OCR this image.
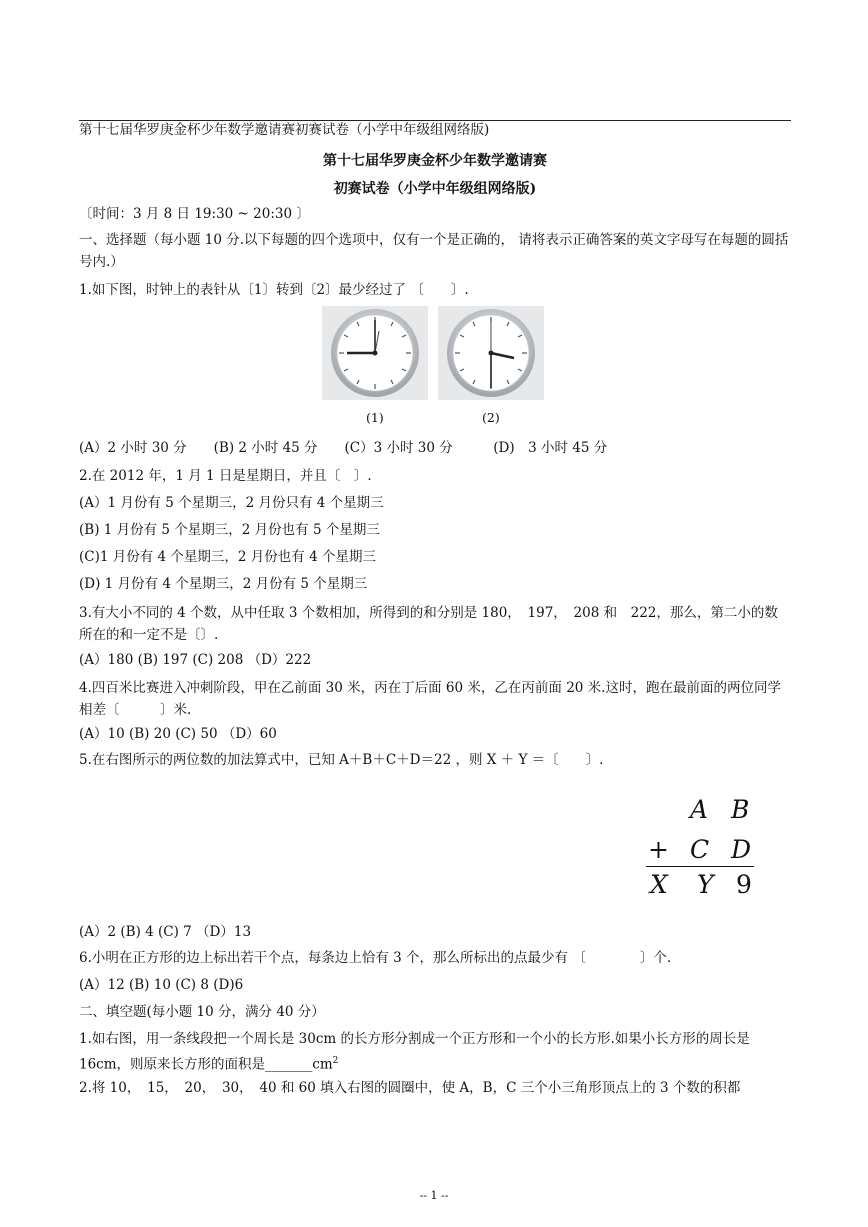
第十七届华罗庚金杯少年数学邀请赛初赛试卷（小学中年级组网络版)
第十七届华罗庚金杯少年数学邀请赛
初赛试卷（小学中年级组网络版)
〔时间：3 月 8 日 19:30 ~ 20:30 〕
一、选择题（每小题 10 分.以下每题的四个选项中，仅有一个是正确的， 请将表示正确答案的英文字母写在每题的圆括号内.）
1.如下图，时钟上的表针从〔1〕转到〔2〕最少经过了 〔　　〕.
(1)	(2)
(A）2 小时 30 分　　(B) 2 小时 45 分　　(C）3 小时 30 分　　　(D)　3 小时 45 分
2.在 2012 年，1 月 1 日是星期日，并且〔　〕.
(A）1 月份有 5 个星期三，2 月份只有 4 个星期三
(B) 1 月份有 5 个星期三，2 月份也有 5 个星期三
(C)1 月份有 4 个星期三，2 月份也有 4 个星期三
(D) 1 月份有 4 个星期三，2 月份有 5 个星期三
3.有大小不同的 4 个数，从中任取 3 个数相加，所得到的和分别是 180，　197，　208 和　222，那么，第二小的数所在的和一定不是〔〕.
(A）180 (B) 197 (C) 208 （D）222
4.四百米比赛进入冲刺阶段，甲在乙前面 30 米，丙在丁后面 60 米，乙在丙前面 20 米.这时，跑在最前面的两位同学相差〔　　　〕米.
(A）10 (B) 20 (C) 50 （D）60
5.在右图所示的两位数的加法算式中，已知 A＋B＋C＋D＝22 ，则 X ＋ Y ＝〔　　〕.
A B
+ C D
X Y 9
(A）2 (B) 4 (C) 7 （D）13
6.小明在正方形的边上标出若干个点，每条边上恰有 3 个，那么所标出的点最少有 〔　　　　〕个.
(A）12 (B) 10 (C) 8 (D)6
二、填空题(每小题 10 分，满分 40 分）
1.如右图，用一条线段把一个周长是 30cm 的长方形分割成一个正方形和一个小的长方形.如果小长方形的周长是 16cm，则原来长方形的面积是$\_\_\_\_\_\_\_cm^2$
2.将 10，　15，　20，　30，　40 和 60 填入右图的圆圈中，使 A，B，C 三个小三角形顶点上的 3 个数的积都
-- 1 --
